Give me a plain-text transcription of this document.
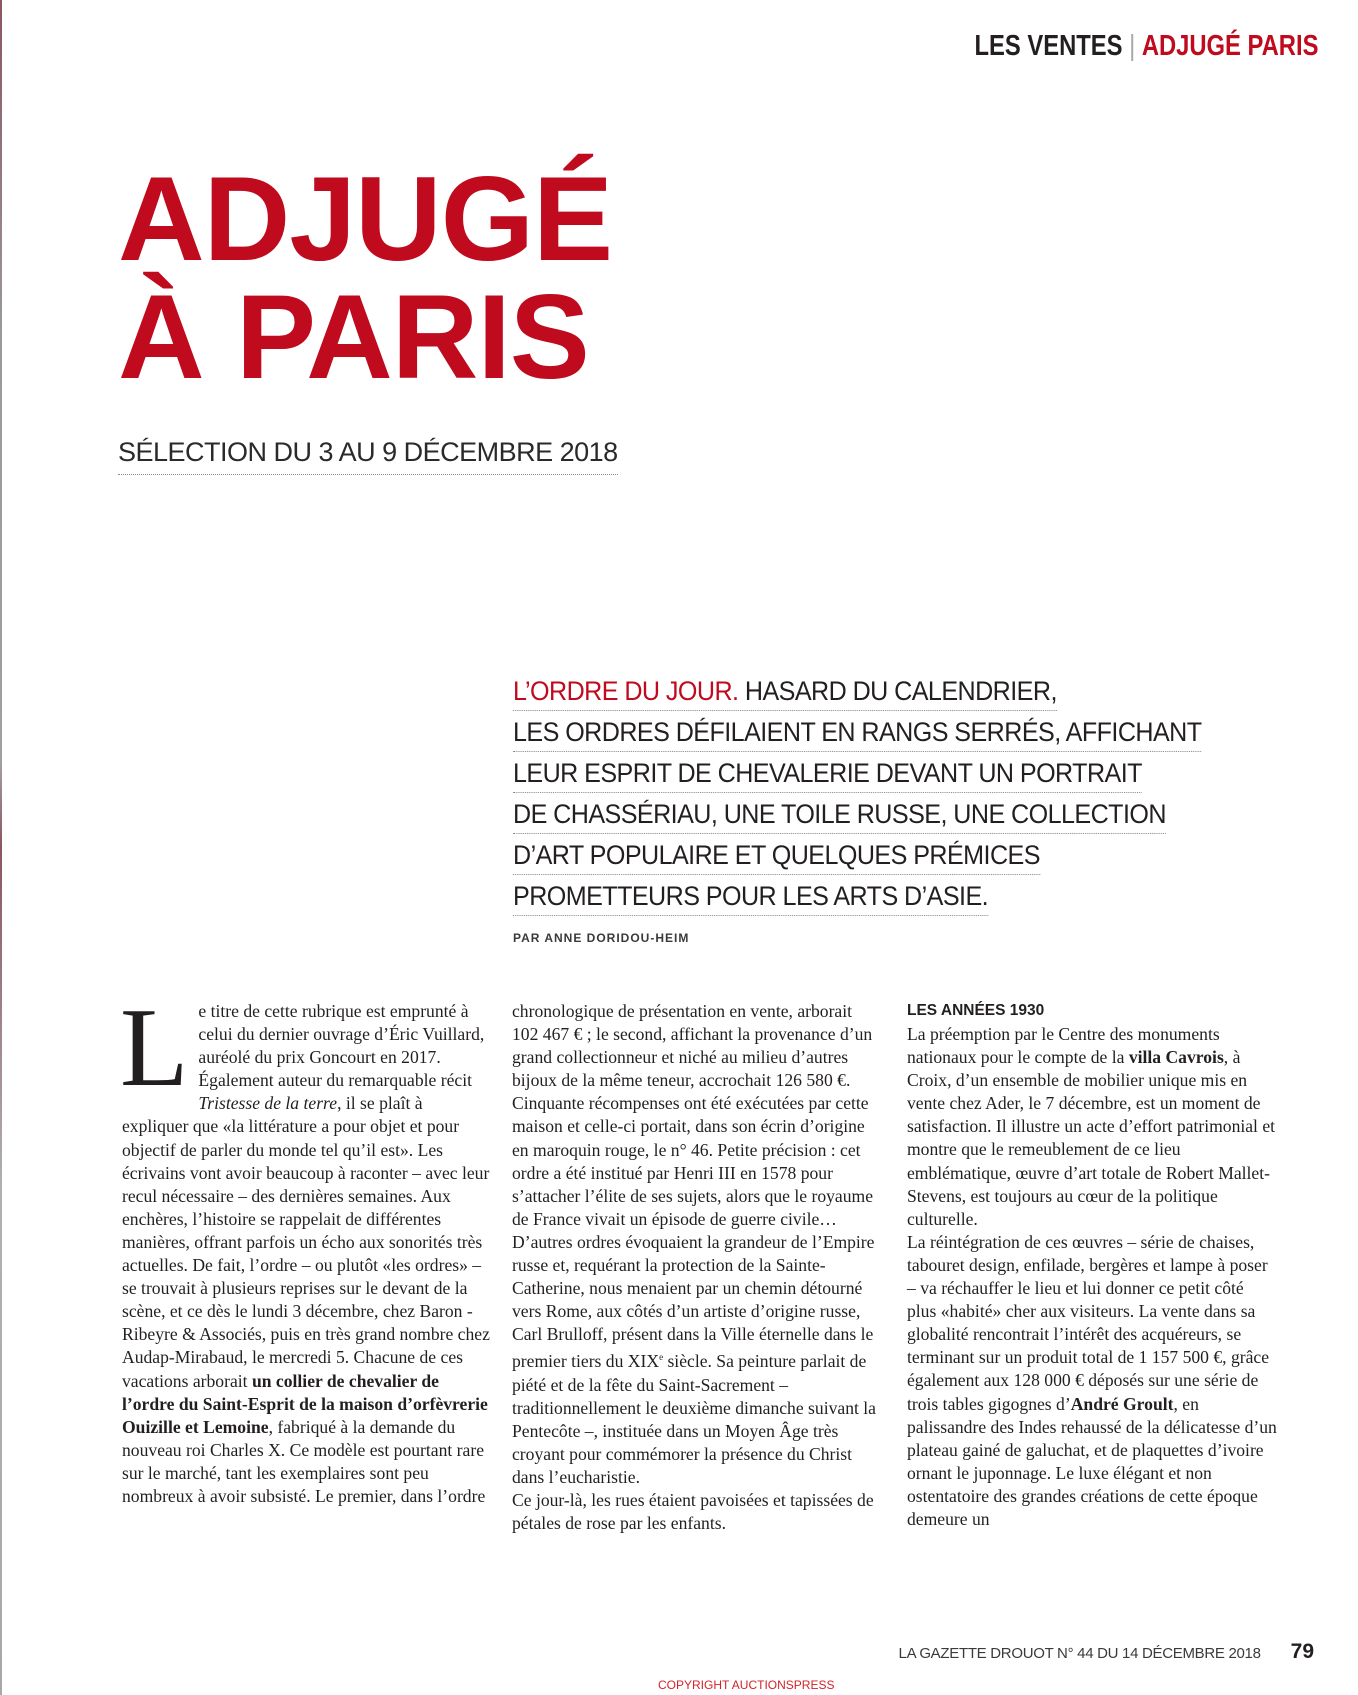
LES VENTES | ADJUGÉ PARIS
ADJUGÉ
À PARIS
SÉLECTION DU 3 AU 9 DÉCEMBRE 2018
L’ORDRE DU JOUR. HASARD DU CALENDRIER,
LES ORDRES DÉFILAIENT EN RANGS SERRÉS, AFFICHANT
LEUR ESPRIT DE CHEVALERIE DEVANT UN PORTRAIT
DE CHASSÉRIAU, UNE TOILE RUSSE, UNE COLLECTION
D’ART POPULAIRE ET QUELQUES PRÉMICES
PROMETTEURS POUR LES ARTS D’ASIE.
PAR ANNE DORIDOU-HEIM

Le titre de cette rubrique est emprunté à celui du dernier ouvrage d’Éric Vuillard, auréolé du prix Goncourt en 2017. Également auteur du remarquable récit Tristesse de la terre, il se plaît à expliquer que «la littérature a pour objet et pour objectif de parler du monde tel qu’il est». Les écrivains vont avoir beaucoup à raconter – avec leur recul nécessaire – des dernières semaines. Aux enchères, l’histoire se rappelait de différentes manières, offrant parfois un écho aux sonorités très actuelles. De fait, l’ordre – ou plutôt «les ordres» – se trouvait à plusieurs reprises sur le devant de la scène, et ce dès le lundi 3 décembre, chez Baron - Ribeyre & Associés, puis en très grand nombre chez Audap-Mirabaud, le mercredi 5. Chacune de ces vacations arborait un collier de chevalier de l’ordre du Saint-Esprit de la maison d’orfèvrerie Ouizille et Lemoine, fabriqué à la demande du nouveau roi Charles X. Ce modèle est pourtant rare sur le marché, tant les exemplaires sont peu nombreux à avoir subsisté. Le premier, dans l’ordre

chronologique de présentation en vente, arborait 102 467 € ; le second, affichant la provenance d’un grand collectionneur et niché au milieu d’autres bijoux de la même teneur, accrochait 126 580 €. Cinquante récompenses ont été exécutées par cette maison et celle-ci portait, dans son écrin d’origine en maroquin rouge, le n° 46. Petite précision : cet ordre a été institué par Henri III en 1578 pour s’attacher l’élite de ses sujets, alors que le royaume de France vivait un épisode de guerre civile… D’autres ordres évoquaient la grandeur de l’Empire russe et, requérant la protection de la Sainte-Catherine, nous menaient par un chemin détourné vers Rome, aux côtés d’un artiste d’origine russe, Carl Brulloff, présent dans la Ville éternelle dans le premier tiers du XIXe siècle. Sa peinture parlait de piété et de la fête du Saint-Sacrement – traditionnellement le deuxième dimanche suivant la Pentecôte –, instituée dans un Moyen Âge très croyant pour commémorer la présence du Christ dans l’eucharistie.

Ce jour-là, les rues étaient pavoisées et tapissées de pétales de rose par les enfants.

LES ANNÉES 1930

La préemption par le Centre des monuments nationaux pour le compte de la villa Cavrois, à Croix, d’un ensemble de mobilier unique mis en vente chez Ader, le 7 décembre, est un moment de satisfaction. Il illustre un acte d’effort patrimonial et montre que le remeublement de ce lieu emblématique, œuvre d’art totale de Robert Mallet-Stevens, est toujours au cœur de la politique culturelle.

La réintégration de ces œuvres – série de chaises, tabouret design, enfilade, bergères et lampe à poser – va réchauffer le lieu et lui donner ce petit côté plus «habité» cher aux visiteurs. La vente dans sa globalité rencontrait l’intérêt des acquéreurs, se terminant sur un produit total de 1 157 500 €, grâce également aux 128 000 € déposés sur une série de trois tables gigognes d’André Groult, en palissandre des Indes rehaussé de la délicatesse d’un plateau gainé de galuchat, et de plaquettes d’ivoire ornant le juponnage. Le luxe élégant et non ostentatoire des grandes créations de cette époque demeure un

LA GAZETTE DROUOT N° 44 DU 14 DÉCEMBRE 2018 79
COPYRIGHT AUCTIONSPRESS
